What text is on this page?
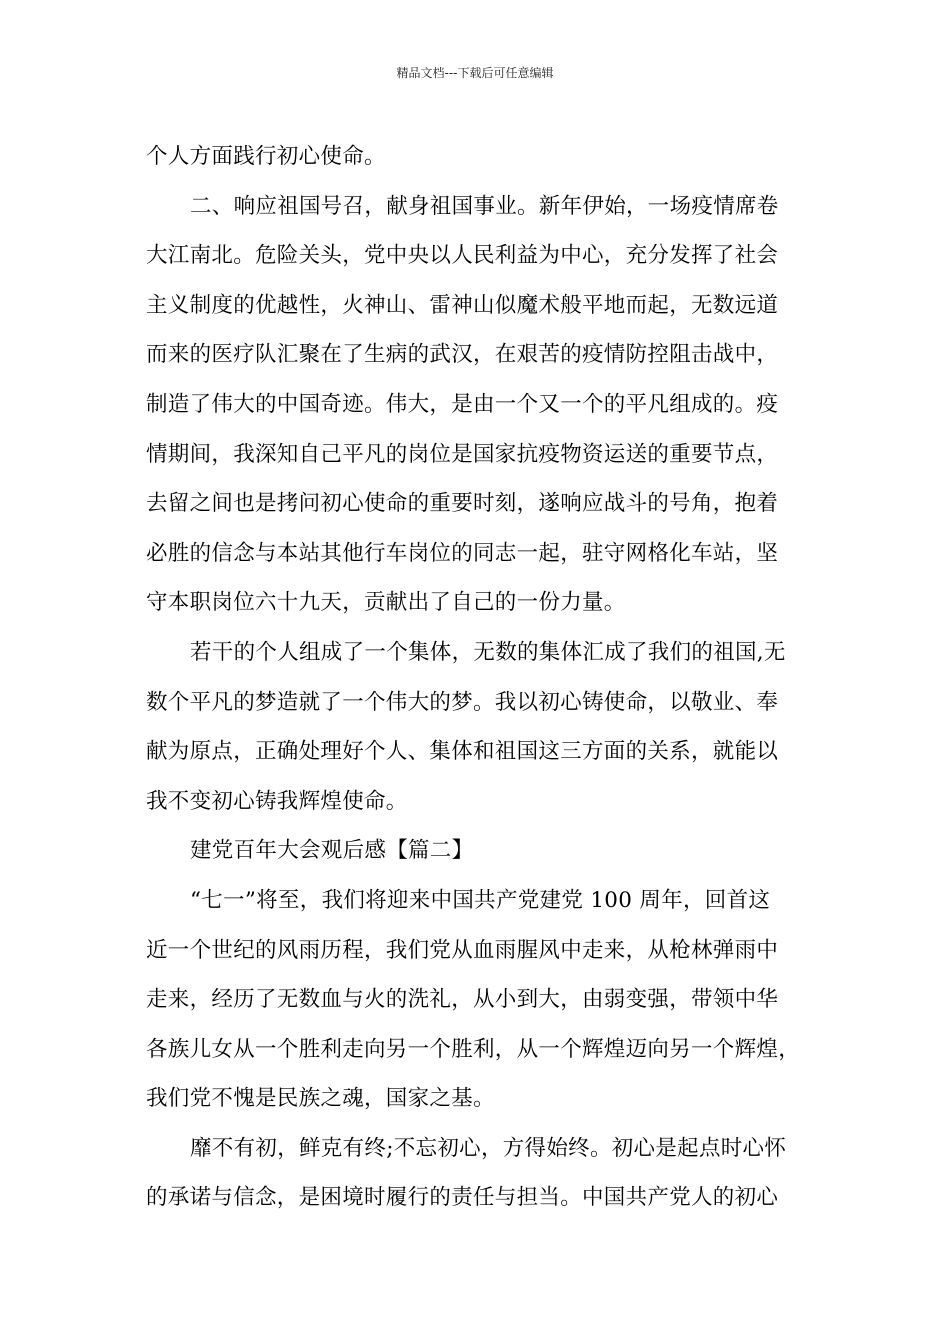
精品文档---下载后可任意编辑
个人方面践行初心使命。
二、响应祖国号召，献身祖国事业。新年伊始，一场疫情席卷
大江南北。危险关头，党中央以人民利益为中心，充分发挥了社会
主义制度的优越性，火神山、雷神山似魔术般平地而起，无数远道
而来的医疗队汇聚在了生病的武汉，在艰苦的疫情防控阻击战中，
制造了伟大的中国奇迹。伟大，是由一个又一个的平凡组成的。疫
情期间，我深知自己平凡的岗位是国家抗疫物资运送的重要节点，
去留之间也是拷问初心使命的重要时刻，遂响应战斗的号角，抱着
必胜的信念与本站其他行车岗位的同志一起，驻守网格化车站，坚
守本职岗位六十九天，贡献出了自己的一份力量。
若干的个人组成了一个集体，无数的集体汇成了我们的祖国,无
数个平凡的梦造就了一个伟大的梦。我以初心铸使命，以敬业、奉
献为原点，正确处理好个人、集体和祖国这三方面的关系，就能以
我不变初心铸我辉煌使命。
建党百年大会观后感【篇二】
“七一”将至，我们将迎来中国共产党建党 100 周年，回首这
近一个世纪的风雨历程，我们党从血雨腥风中走来，从枪林弹雨中
走来，经历了无数血与火的洗礼，从小到大，由弱变强，带领中华
各族儿女从一个胜利走向另一个胜利，从一个辉煌迈向另一个辉煌，
我们党不愧是民族之魂，国家之基。
靡不有初，鲜克有终;不忘初心，方得始终。初心是起点时心怀
的承诺与信念，是困境时履行的责任与担当。中国共产党人的初心
